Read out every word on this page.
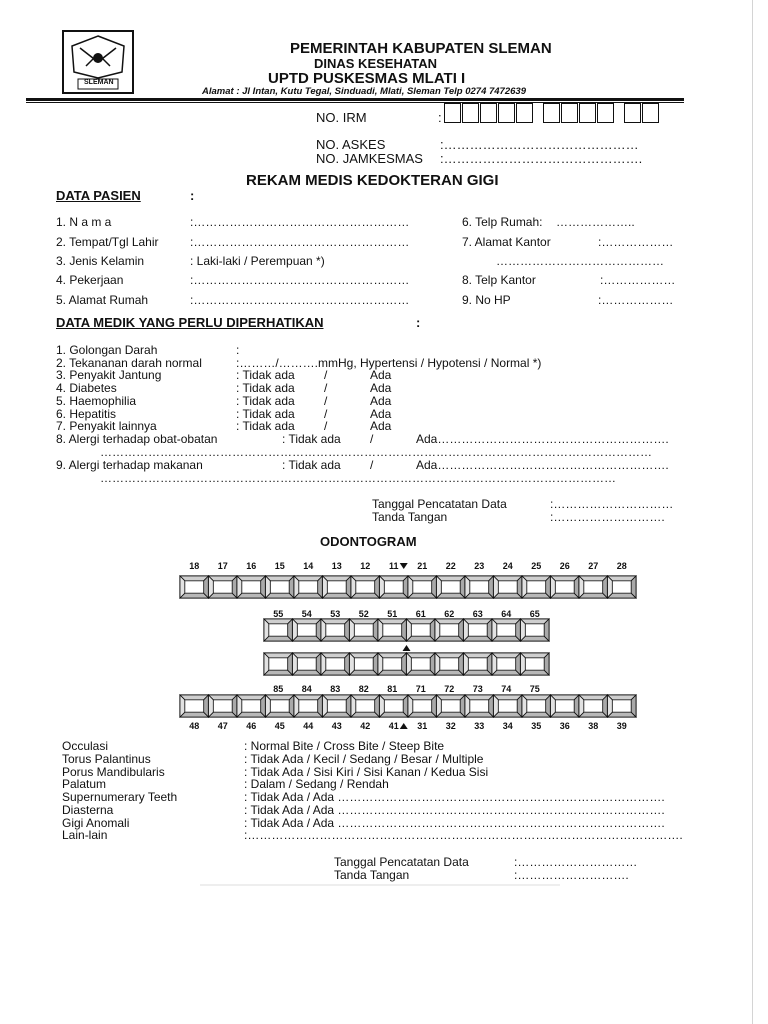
SLEMAN
PEMERINTAH KABUPATEN SLEMAN
DINAS KESEHATAN
UPTD PUSKESMAS MLATI I
Alamat : Jl Intan, Kutu Tegal, Sinduadi, Mlati, Sleman Telp 0274 7472639
NO. IRM	:
NO. ASKES	:………………………………………
NO. JAMKESMAS :……………………………………….
REKAM MEDIS KEDOKTERAN GIGI
DATA PASIEN	:
1. N a m a	:………………………………………………
2. Tempat/Tgl Lahir	:………………………………………………
3. Jenis Kelamin	: Laki-laki / Perempuan *)
4. Pekerjaan	:………………………………………………
5. Alamat Rumah	:………………………………………………
6. Telp Rumah: ………………..
7. Alamat Kantor	:………………
……………………………………
8. Telp Kantor	:………………
9. No HP	:………………
DATA MEDIK YANG PERLU DIPERHATIKAN	:
1. Golongan Darah	:
2. Tekananan darah normal	:………/……….mmHg, Hypertensi / Hypotensi / Normal *)
3. Penyakit Jantung	: Tidak ada /	Ada
4. Diabetes	: Tidak ada /	Ada
5. Haemophilia	: Tidak ada /	Ada
6. Hepatitis	: Tidak ada /	Ada
7. Penyakit lainnya	: Tidak ada /	Ada
8. Alergi terhadap obat-obatan	: Tidak ada /	Ada………………………………………………….
…………………………………………………………………………………………………………………………
9. Alergi terhadap makanan	: Tidak ada /	Ada………………………………………………….
…………………………………………………………………………………………………………………
Tanggal Pencatatan Data	:…………………………
Tanda Tangan	:……………………….
ODONTOGRAM
18 17 16 15 14 13 12 11 21 22 23 24 25 26 27 28
55 54 53 52 51 61 62 63 64 65
85 84 83 82 81 71 72 73 74 75
48 47 46 45 44 43 42 41 31 32 33 34 35 36 38 39
Occulasi	: Normal Bite / Cross Bite / Steep Bite
Torus Palantinus	: Tidak Ada / Kecil / Sedang / Besar / Multiple
Porus Mandibularis	: Tidak Ada / Sisi Kiri / Sisi Kanan / Kedua Sisi
Palatum	: Dalam / Sedang / Rendah
Supernumerary Teeth	: Tidak Ada / Ada ……………………………………………………………………….
Diasterna	: Tidak Ada / Ada ……………………………………………………………………….
Gigi Anomali	: Tidak Ada / Ada ……………………………………………………………………….
Lain-lain	:……………………………………………………………………………………………….
Tanggal Pencatatan Data	:…………………………
Tanda Tangan	:……………………….
